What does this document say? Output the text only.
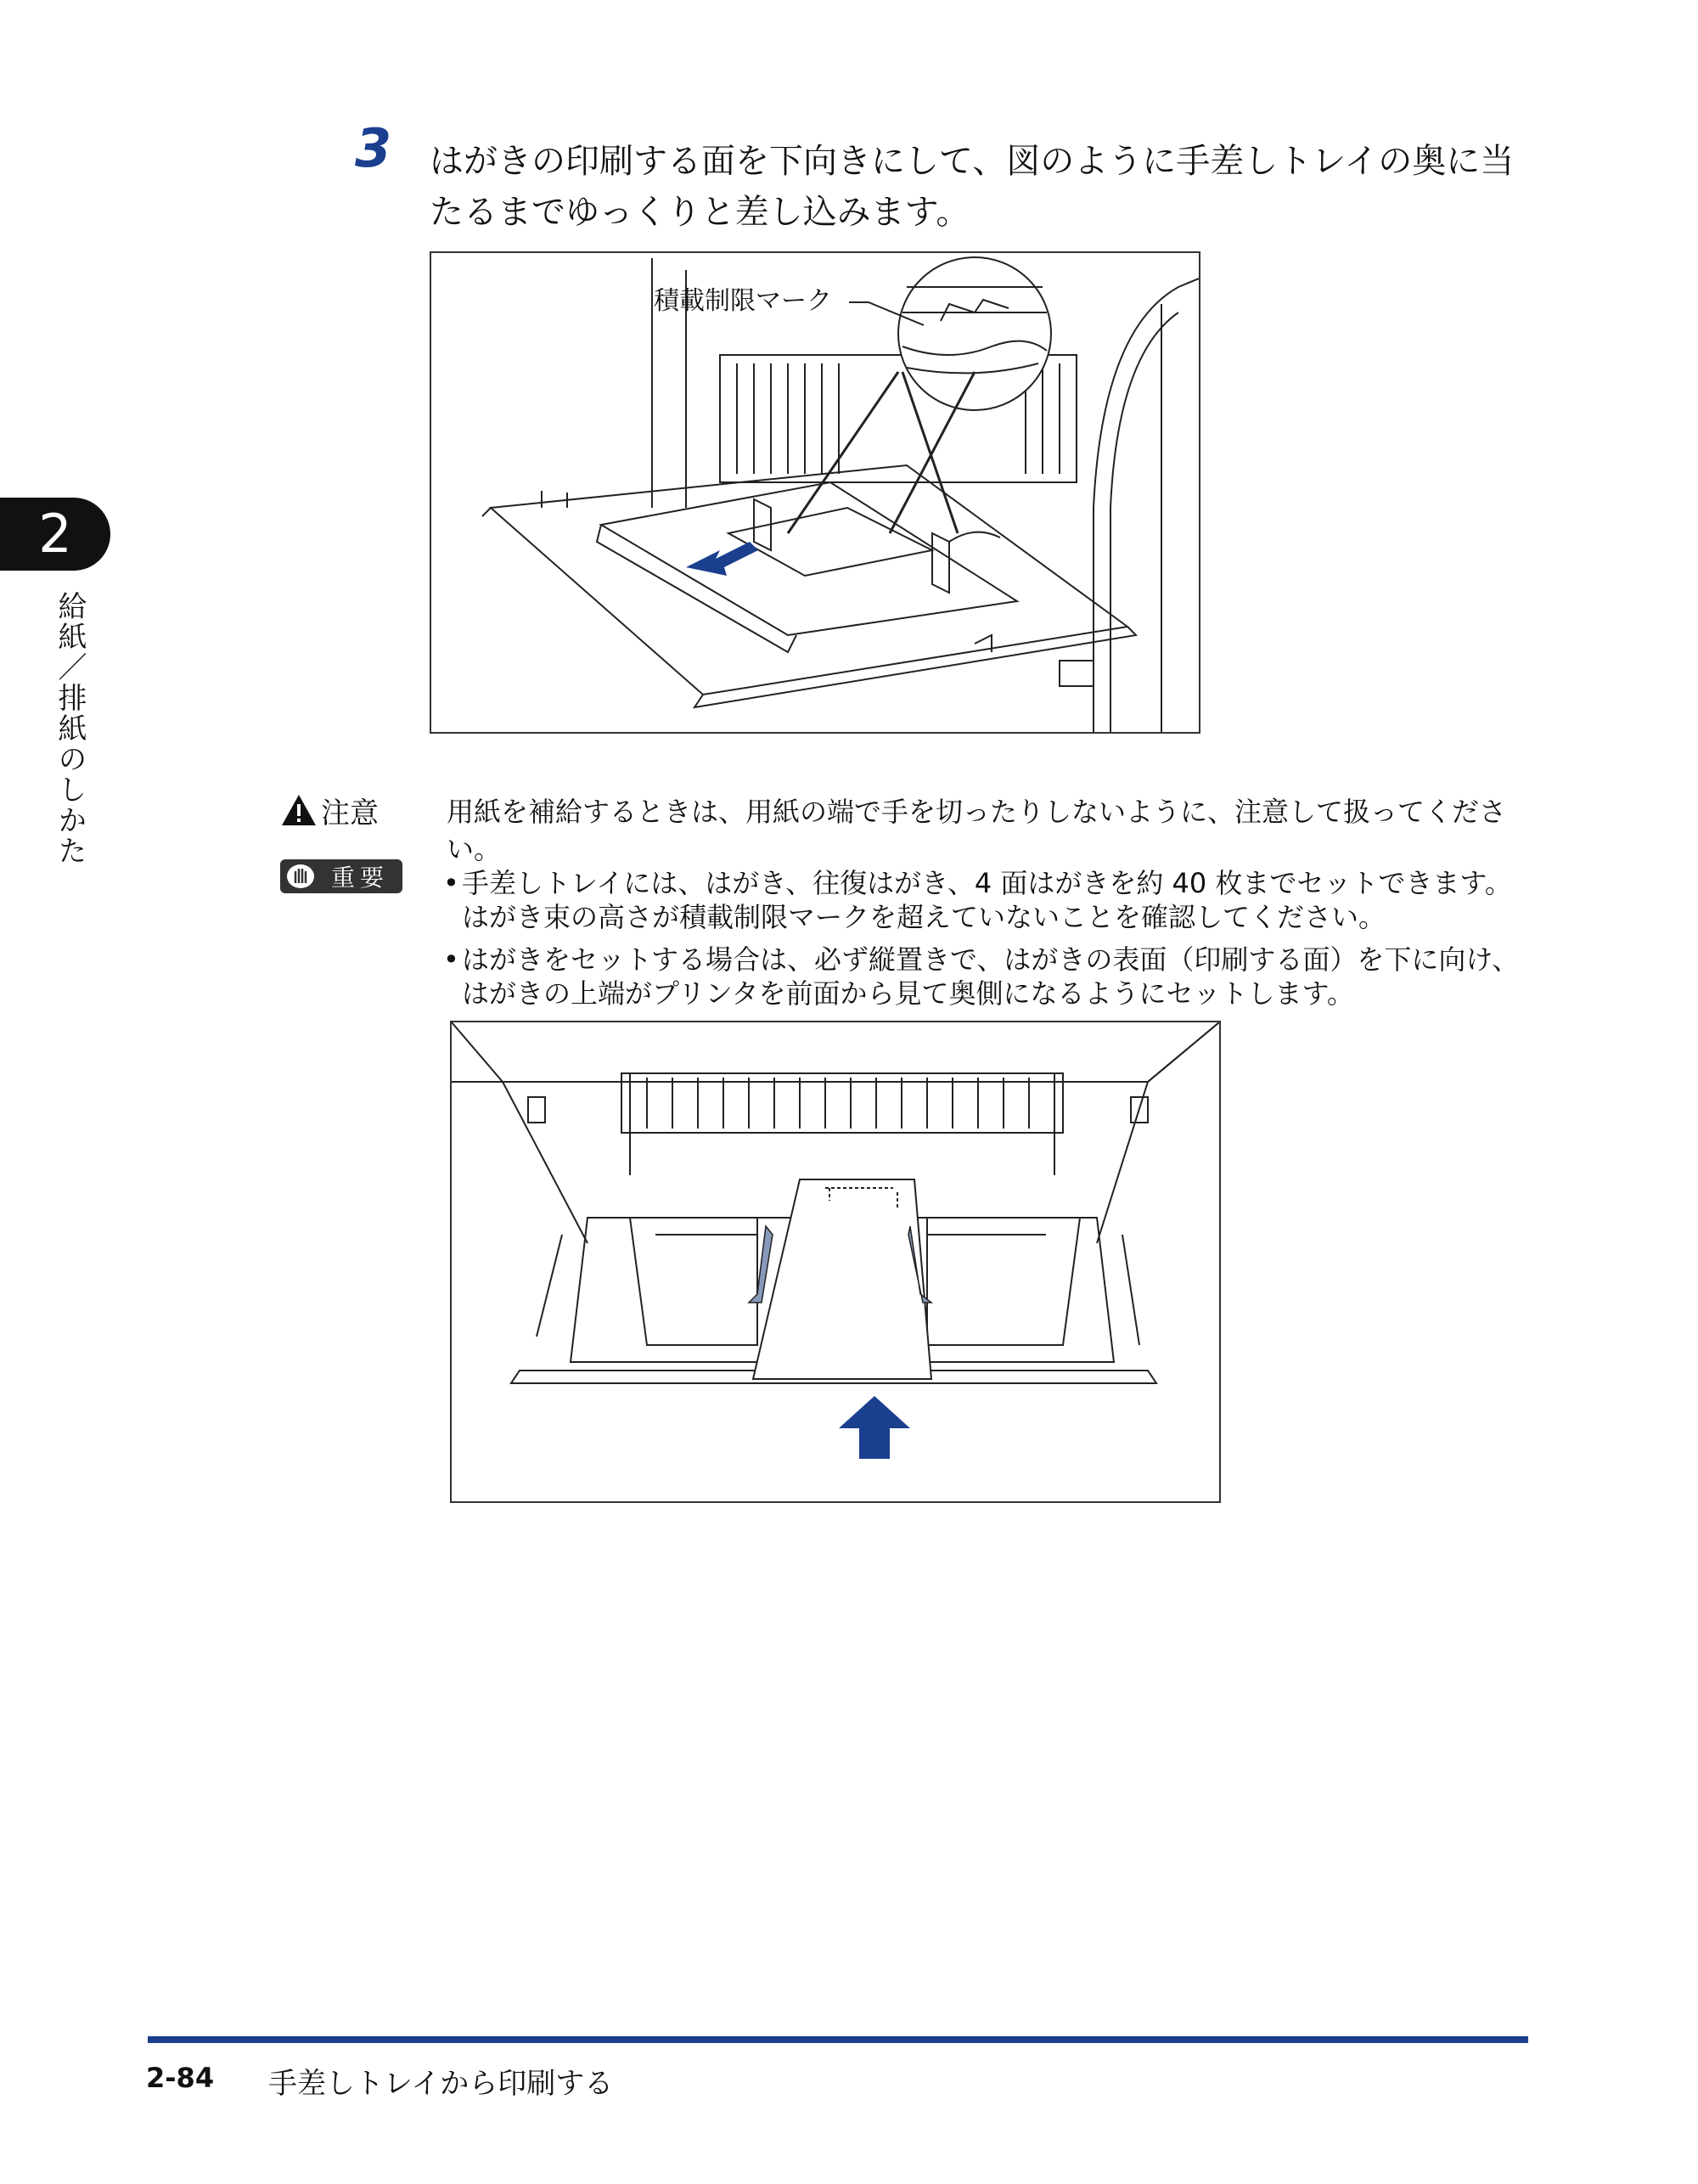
3 はがきの印刷する面を下向きにして、図のように手差しトレイの奥に当たるまでゆっくりと差し込みます。
積載制限マーク
2
給紙／排紙のしかた	注意	用紙を補給するときは、用紙の端で手を切ったりしないように、注意して扱ってください。
重要 • 手差しトレイには、はがき、往復はがき、4 面はがきを約 40 枚までセットできます。はがき束の高さが積載制限マークを超えていないことを確認してください。
• はがきをセットする場合は、必ず縦置きで、はがきの表面（印刷する面）を下に向け、はがきの上端がプリンタを前面から見て奥側になるようにセットします。
2-84 手差しトレイから印刷する
